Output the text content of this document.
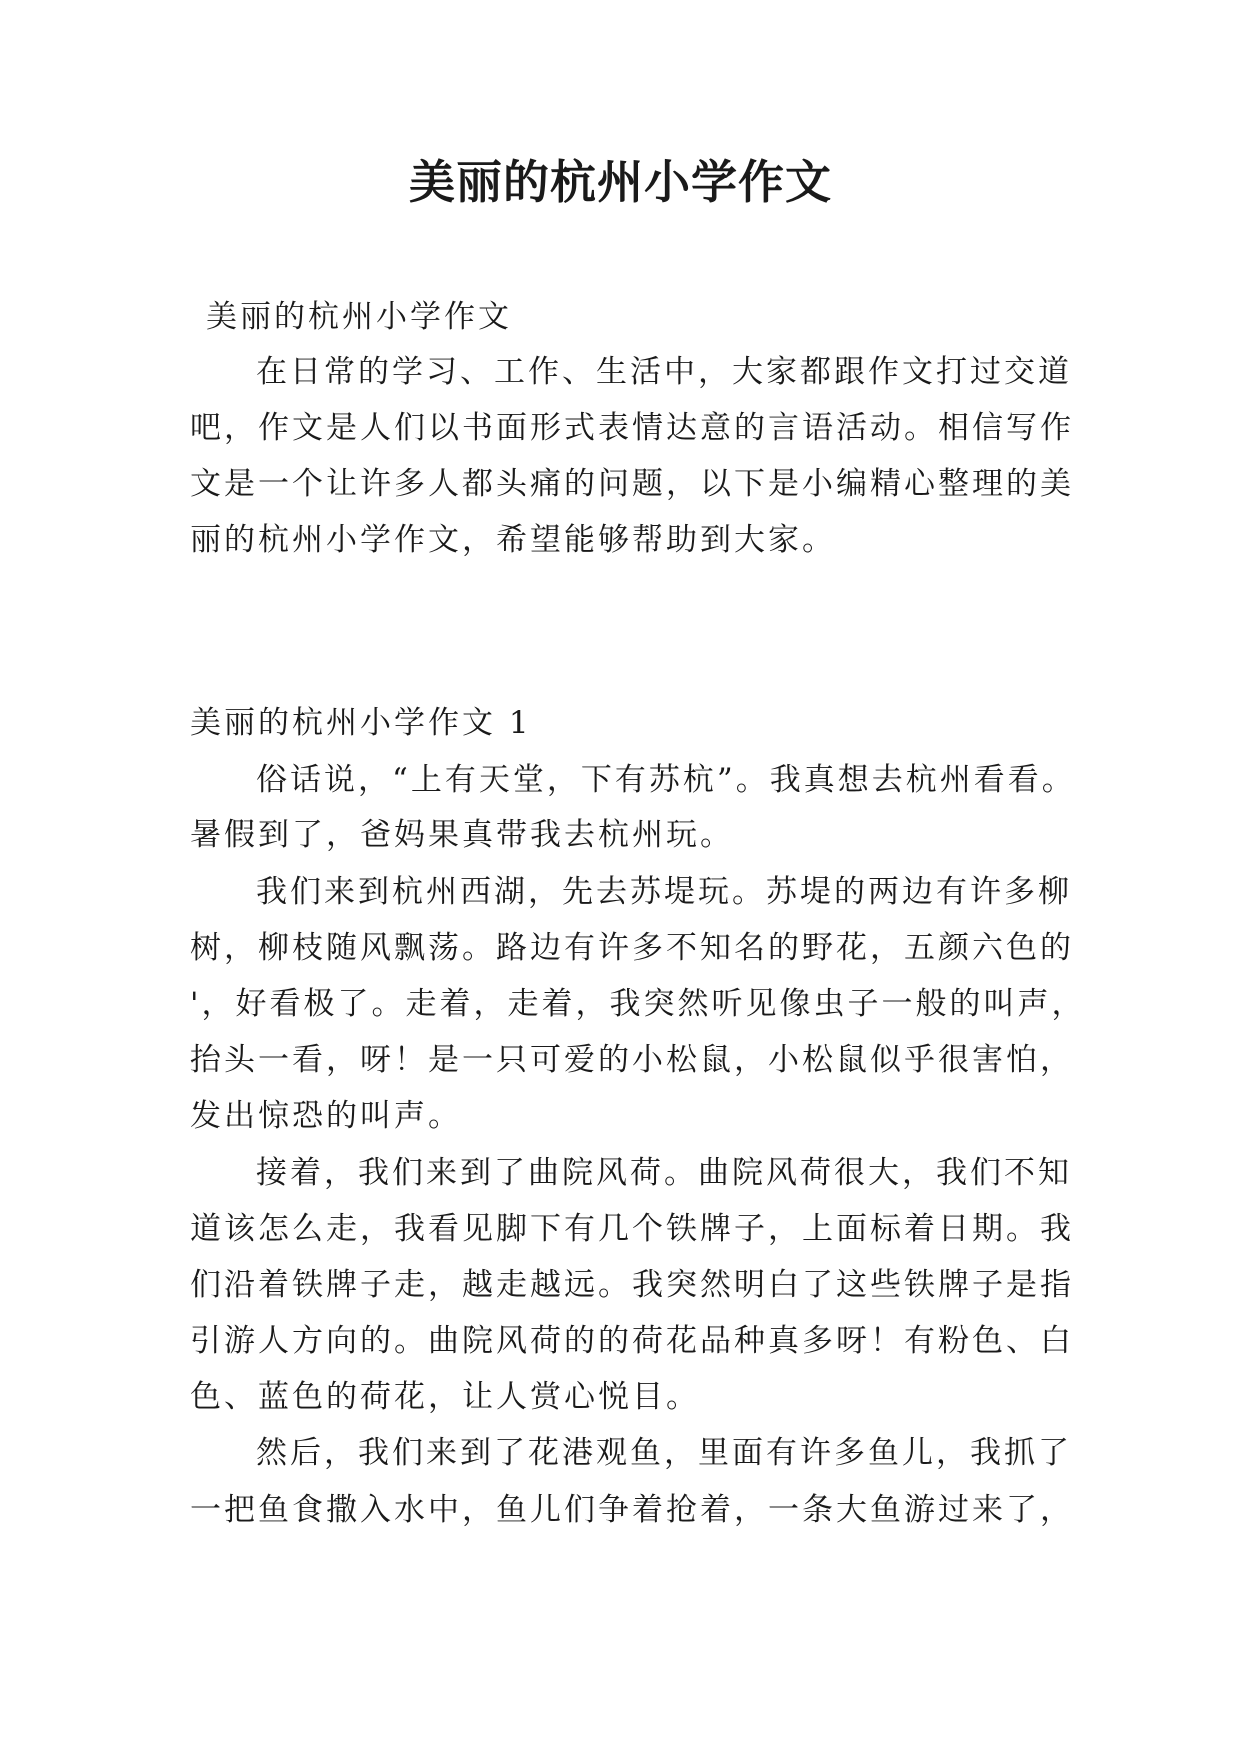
美丽的杭州小学作文

美丽的杭州小学作文

在日常的学习、工作、生活中，大家都跟作文打过交道

吧，作文是人们以书面形式表情达意的言语活动。相信写作

文是一个让许多人都头痛的问题，以下是小编精心整理的美

丽的杭州小学作文，希望能够帮助到大家。

美丽的杭州小学作文 1

俗话说，“上有天堂，下有苏杭”。我真想去杭州看看。

暑假到了，爸妈果真带我去杭州玩。

我们来到杭州西湖，先去苏堤玩。苏堤的两边有许多柳

树，柳枝随风飘荡。路边有许多不知名的野花，五颜六色的

'，好看极了。走着，走着，我突然听见像虫子一般的叫声，

抬头一看，呀！是一只可爱的小松鼠，小松鼠似乎很害怕，

发出惊恐的叫声。

接着，我们来到了曲院风荷。曲院风荷很大，我们不知

道该怎么走，我看见脚下有几个铁牌子，上面标着日期。我

们沿着铁牌子走，越走越远。我突然明白了这些铁牌子是指

引游人方向的。曲院风荷的的荷花品种真多呀！有粉色、白

色、蓝色的荷花，让人赏心悦目。

然后，我们来到了花港观鱼，里面有许多鱼儿，我抓了

一把鱼食撒入水中，鱼儿们争着抢着，一条大鱼游过来了，
